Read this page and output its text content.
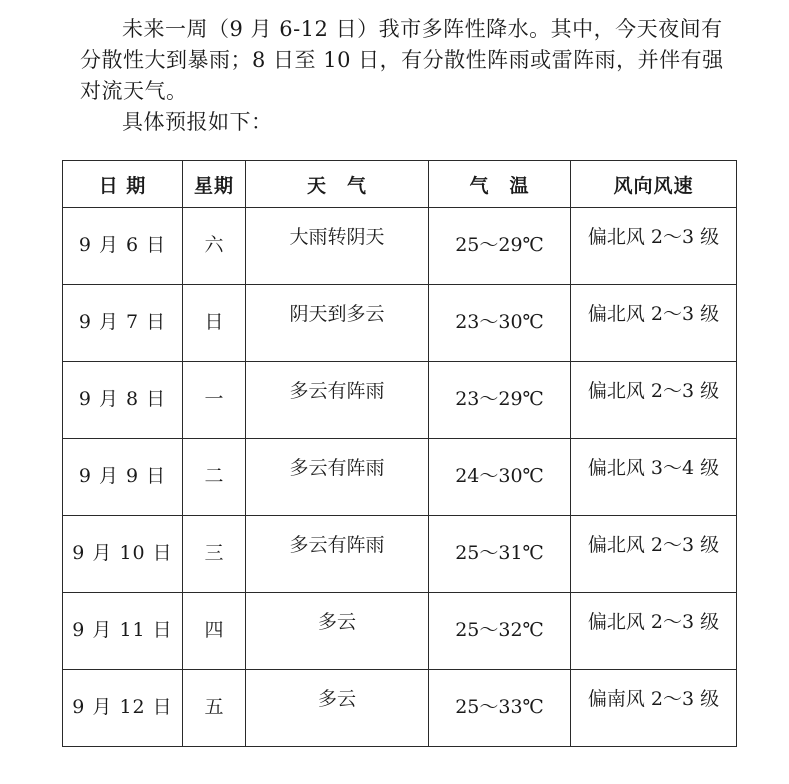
未来一周（9 月 6-12 日）我市多阵性降水。其中，今天夜间有分散性大到暴雨；8 日至 10 日，有分散性阵雨或雷阵雨，并伴有强对流天气。

具体预报如下：

日 期	星期	天　气	气　温	风向风速
9 月 6 日	六	大雨转阴天	25～29℃	偏北风 2～3 级
9 月 7 日	日	阴天到多云	23～30℃	偏北风 2～3 级
9 月 8 日	一	多云有阵雨	23～29℃	偏北风 2～3 级
9 月 9 日	二	多云有阵雨	24～30℃	偏北风 3～4 级
9 月 10 日	三	多云有阵雨	25～31℃	偏北风 2～3 级
9 月 11 日	四	多云	25～32℃	偏北风 2～3 级
9 月 12 日	五	多云	25～33℃	偏南风 2～3 级
